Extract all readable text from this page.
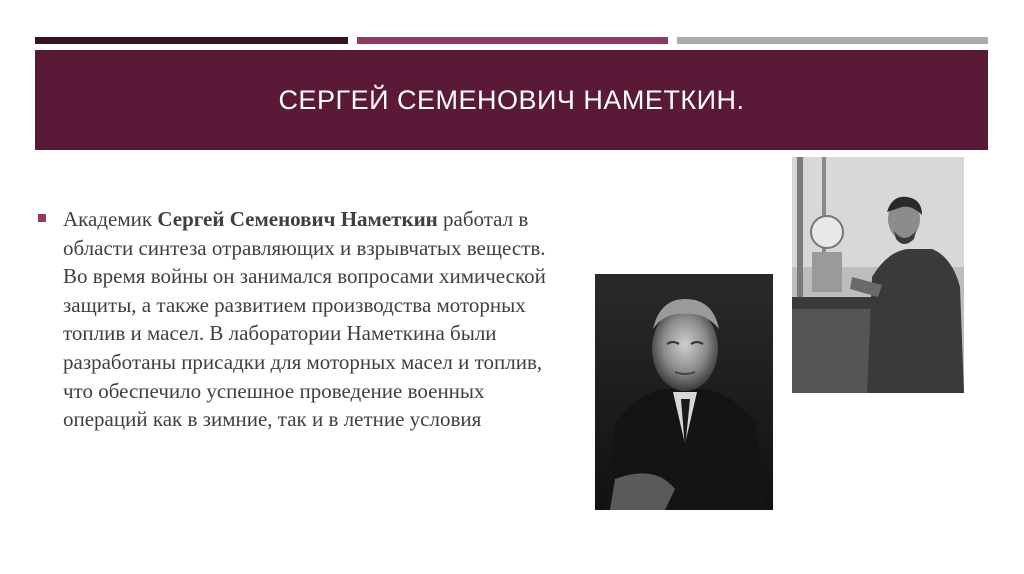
СЕРГЕЙ СЕМЕНОВИЧ НАМЕТКИН.

Академик Сергей Семенович Наметкин работал в области синтеза отравляющих и взрывчатых веществ. Во время войны он занимался вопросами химической защиты, а также развитием производства моторных топлив и масел. В лаборатории Наметкина были разработаны присадки для моторных масел и топлив, что обеспечило успешное проведение военных операций как в зимние, так и в летние условия
